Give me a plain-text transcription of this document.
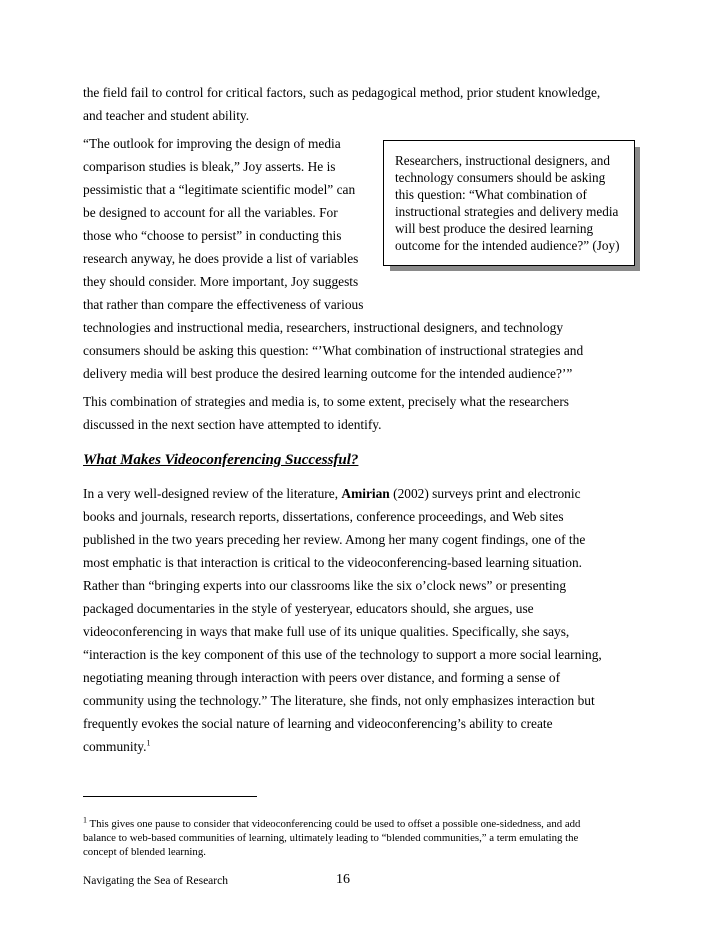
the field fail to control for critical factors, such as pedagogical method, prior student knowledge,
and teacher and student ability.
“The outlook for improving the design of media
comparison studies is bleak,” Joy asserts. He is
pessimistic that a “legitimate scientific model” can
be designed to account for all the variables. For
those who “choose to persist” in conducting this
research anyway, he does provide a list of variables
they should consider. More important, Joy suggests
that rather than compare the effectiveness of various
technologies and instructional media, researchers, instructional designers, and technology
consumers should be asking this question: “’What combination of instructional strategies and
delivery media will best produce the desired learning outcome for the intended audience?’”
Researchers, instructional designers, and
technology consumers should be asking
this question: “What combination of
instructional strategies and delivery media
will best produce the desired learning
outcome for the intended audience?” (Joy)
This combination of strategies and media is, to some extent, precisely what the researchers
discussed in the next section have attempted to identify.
What Makes Videoconferencing Successful?
In a very well-designed review of the literature, Amirian (2002) surveys print and electronic
books and journals, research reports, dissertations, conference proceedings, and Web sites
published in the two years preceding her review. Among her many cogent findings, one of the
most emphatic is that interaction is critical to the videoconferencing-based learning situation.
Rather than “bringing experts into our classrooms like the six o’clock news” or presenting
packaged documentaries in the style of yesteryear, educators should, she argues, use
videoconferencing in ways that make full use of its unique qualities. Specifically, she says,
“interaction is the key component of this use of the technology to support a more social learning,
negotiating meaning through interaction with peers over distance, and forming a sense of
community using the technology.” The literature, she finds, not only emphasizes interaction but
frequently evokes the social nature of learning and videoconferencing’s ability to create
community.$^1$
$^1$ This gives one pause to consider that videoconferencing could be used to offset a possible one-sidedness, and add
balance to web-based communities of learning, ultimately leading to “blended communities,” a term emulating the
concept of blended learning.
Navigating the Sea of Research	16
